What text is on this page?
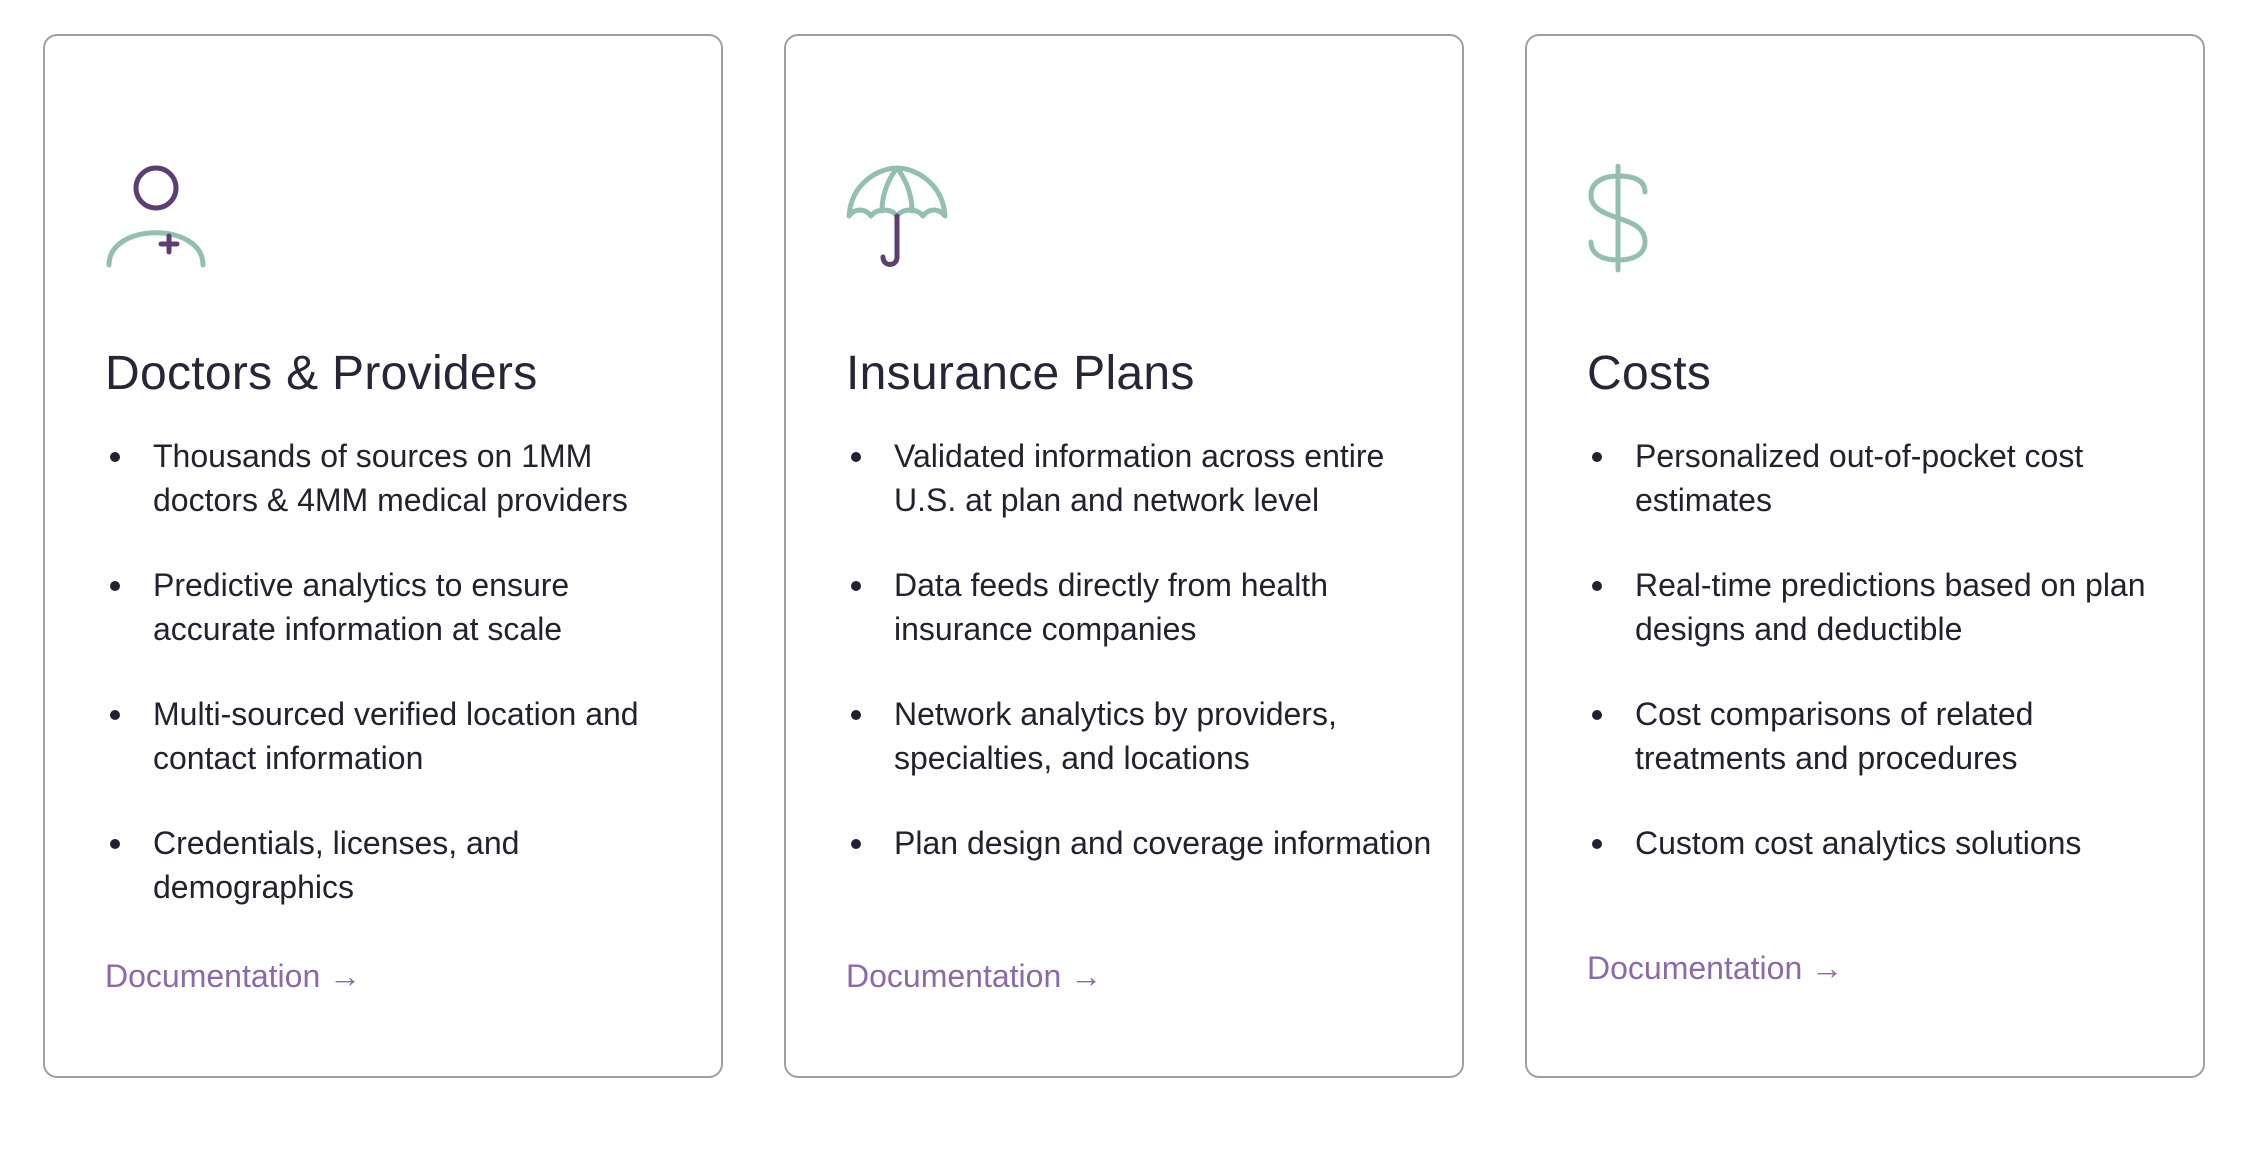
Doctors & Providers
Thousands of sources on 1MM doctors & 4MM medical providers
Predictive analytics to ensure accurate information at scale
Multi-sourced verified location and contact information
Credentials, licenses, and demographics
Documentation →
Insurance Plans
Validated information across entire U.S. at plan and network level
Data feeds directly from health insurance companies
Network analytics by providers, specialties, and locations
Plan design and coverage information
Documentation →
Costs
Personalized out-of-pocket cost estimates
Real-time predictions based on plan designs and deductible
Cost comparisons of related treatments and procedures
Custom cost analytics solutions
Documentation →
